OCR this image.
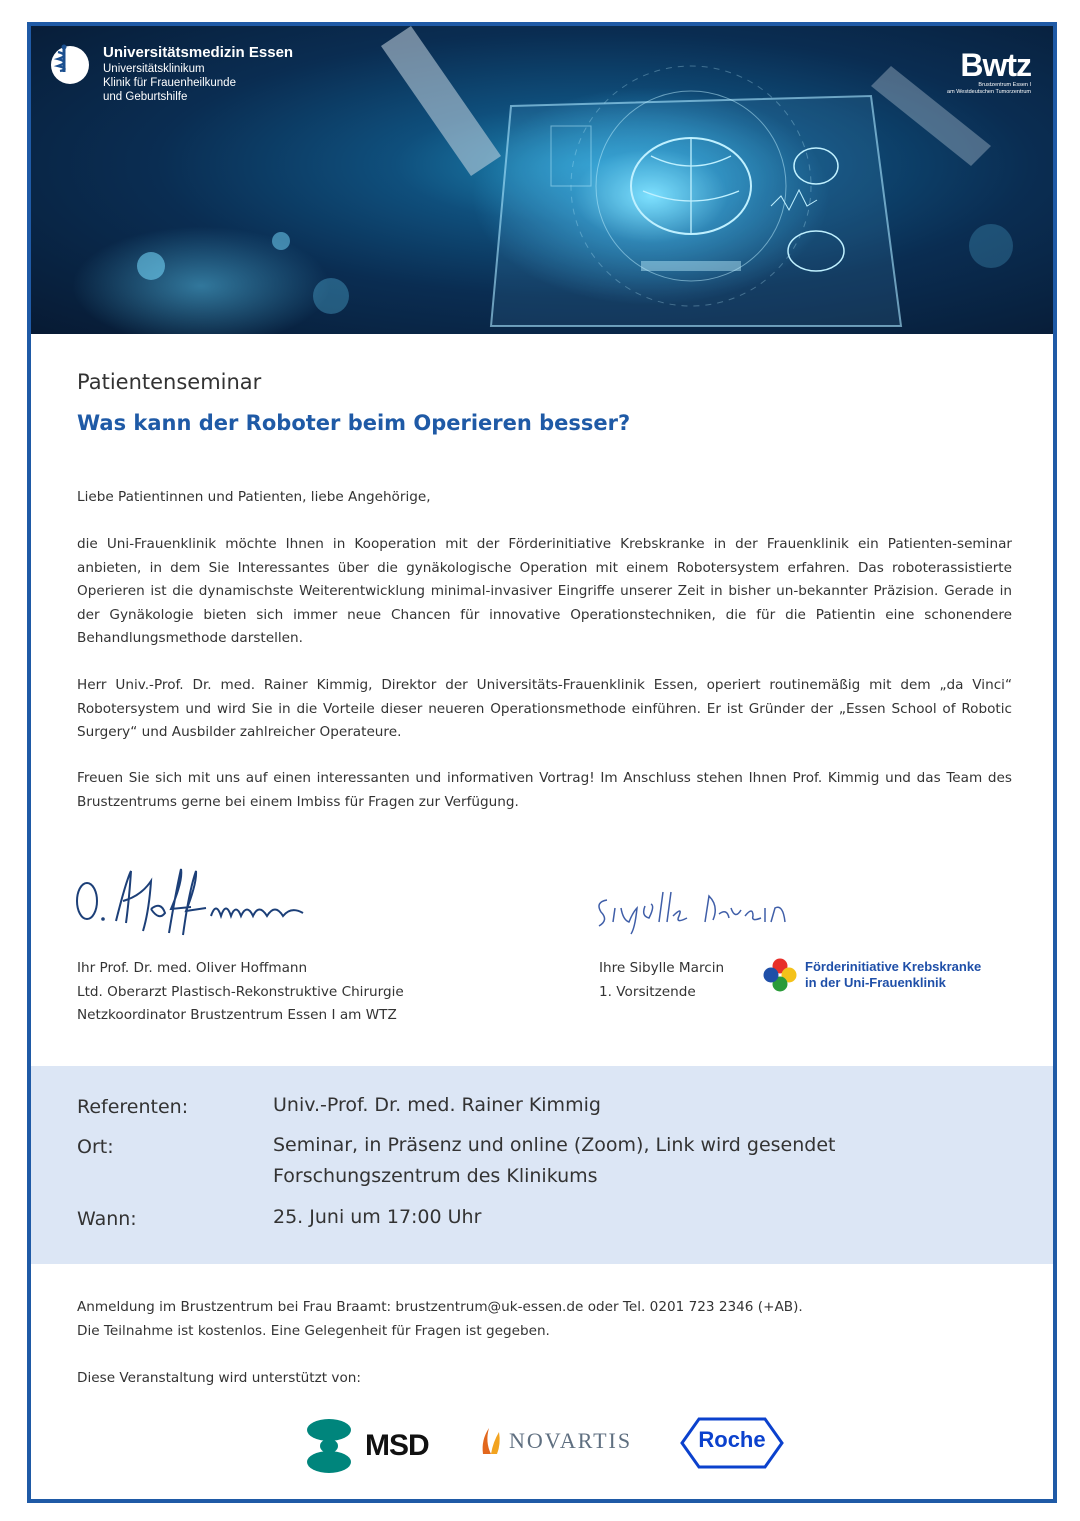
Universitätsmedizin Essen
Universitätsklinikum
Klinik für Frauenheilkunde
und Geburtshilfe
Bwtz
Brustzentrum Essen I
am Westdeutschen Tumorzentrum
Patientenseminar
Was kann der Roboter beim Operieren besser?
Liebe Patientinnen und Patienten, liebe Angehörige,
die Uni-Frauenklinik möchte Ihnen in Kooperation mit der Förderinitiative Krebskranke in der Frauenklinik ein Patienten-seminar anbieten, in dem Sie Interessantes über die gynäkologische Operation mit einem Robotersystem erfahren. Das roboterassistierte Operieren ist die dynamischste Weiterentwicklung minimal-invasiver Eingriffe unserer Zeit in bisher un-bekannter Präzision. Gerade in der Gynäkologie bieten sich immer neue Chancen für innovative Operationstechniken, die für die Patientin eine schonendere Behandlungsmethode darstellen.
Herr Univ.-Prof. Dr. med. Rainer Kimmig, Direktor der Universitäts-Frauenklinik Essen, operiert routinemäßig mit dem „da Vinci“ Robotersystem und wird Sie in die Vorteile dieser neueren Operationsmethode einführen. Er ist Gründer der „Essen School of Robotic Surgery“ und Ausbilder zahlreicher Operateure.
Freuen Sie sich mit uns auf einen interessanten und informativen Vortrag! Im Anschluss stehen Ihnen Prof. Kimmig und das Team des Brustzentrums gerne bei einem Imbiss für Fragen zur Verfügung.
Ihr Prof. Dr. med. Oliver Hoffmann
Ltd. Oberarzt Plastisch-Rekonstruktive Chirurgie
Netzkoordinator Brustzentrum Essen I am WTZ
Ihre Sibylle Marcin
1. Vorsitzende
Förderinitiative Krebskranke
in der Uni-Frauenklinik
Referenten:	Univ.-Prof. Dr. med. Rainer Kimmig
Ort:	Seminar, in Präsenz und online (Zoom), Link wird gesendet
Forschungszentrum des Klinikums
Wann:	25. Juni um 17:00 Uhr
Anmeldung im Brustzentrum bei Frau Braamt: brustzentrum@uk-essen.de oder Tel. 0201 723 2346 (+AB).
Die Teilnahme ist kostenlos. Eine Gelegenheit für Fragen ist gegeben.
Diese Veranstaltung wird unterstützt von:
MSD	NOVARTIS	Roche
